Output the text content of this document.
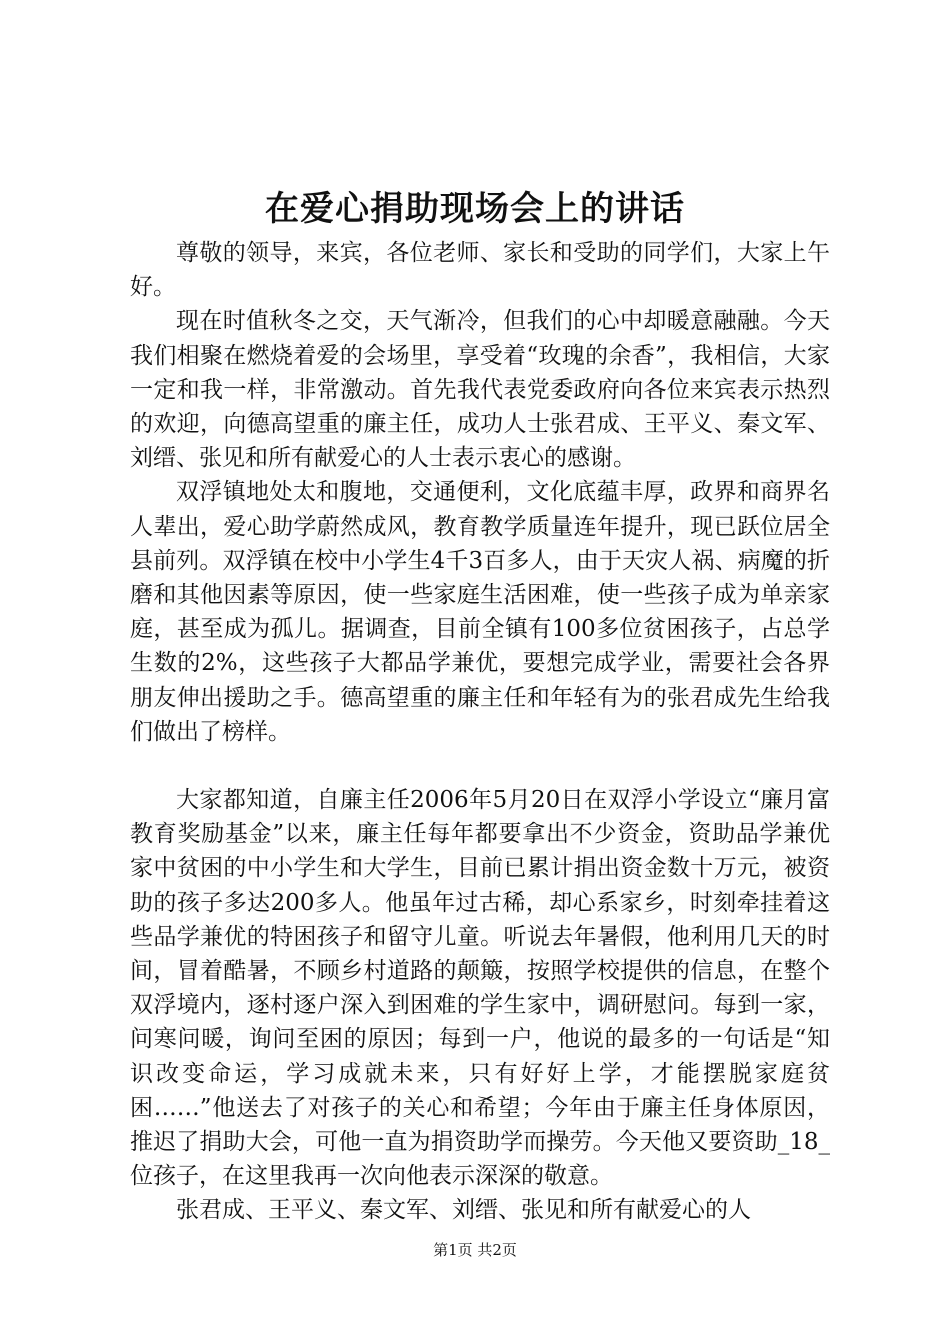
在爱心捐助现场会上的讲话

尊敬的领导，来宾，各位老师、家长和受助的同学们，大家上午好。

现在时值秋冬之交，天气渐冷，但我们的心中却暖意融融。今天我们相聚在燃烧着爱的会场里，享受着“玫瑰的余香”，我相信，大家一定和我一样，非常激动。首先我代表党委政府向各位来宾表示热烈的欢迎，向德高望重的廉主任，成功人士张君成、王平义、秦文军、刘缙、张见和所有献爱心的人士表示衷心的感谢。

双浮镇地处太和腹地，交通便利，文化底蕴丰厚，政界和商界名人辈出，爱心助学蔚然成风，教育教学质量连年提升，现已跃位居全县前列。双浮镇在校中小学生4千3百多人，由于天灾人祸、病魔的折磨和其他因素等原因，使一些家庭生活困难，使一些孩子成为单亲家庭，甚至成为孤儿。据调查，目前全镇有100多位贫困孩子，占总学生数的2%，这些孩子大都品学兼优，要想完成学业，需要社会各界朋友伸出援助之手。德高望重的廉主任和年轻有为的张君成先生给我们做出了榜样。

大家都知道，自廉主任2006年5月20日在双浮小学设立“廉月富教育奖励基金”以来，廉主任每年都要拿出不少资金，资助品学兼优家中贫困的中小学生和大学生，目前已累计捐出资金数十万元，被资助的孩子多达200多人。他虽年过古稀，却心系家乡，时刻牵挂着这些品学兼优的特困孩子和留守儿童。听说去年暑假，他利用几天的时间，冒着酷暑，不顾乡村道路的颠簸，按照学校提供的信息，在整个双浮境内，逐村逐户深入到困难的学生家中，调研慰问。每到一家，问寒问暖，询问至困的原因；每到一户，他说的最多的一句话是“知识改变命运，学习成就未来，只有好好上学，才能摆脱家庭贫困……”他送去了对孩子的关心和希望；今年由于廉主任身体原因，推迟了捐助大会，可他一直为捐资助学而操劳。今天他又要资助_18_位孩子，在这里我再一次向他表示深深的敬意。

张君成、王平义、秦文军、刘缙、张见和所有献爱心的人

第1页 共2页
